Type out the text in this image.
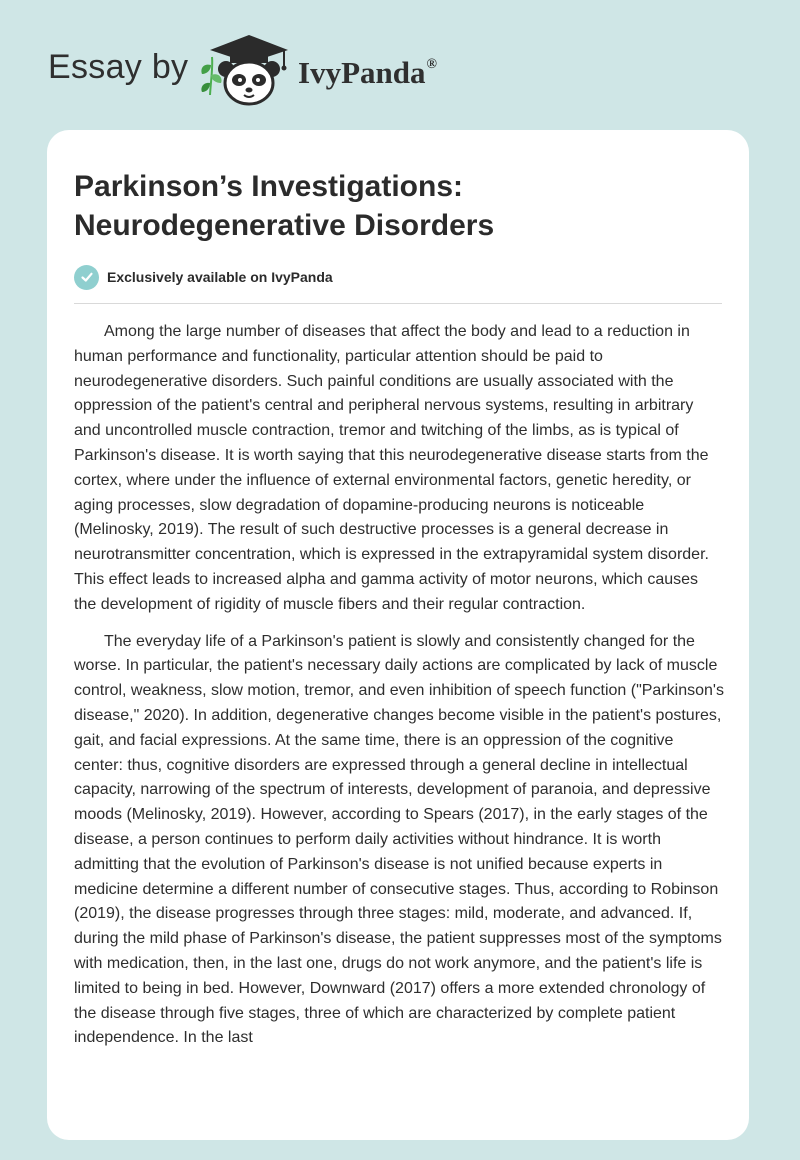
Essay by	IvyPanda®
Parkinson’s Investigations:
Neurodegenerative Disorders
Exclusively available on IvyPanda

Among the large number of diseases that affect the body and lead to a reduction in human performance and functionality, particular attention should be paid to neurodegenerative disorders. Such painful conditions are usually associated with the oppression of the patient's central and peripheral nervous systems, resulting in arbitrary and uncontrolled muscle contraction, tremor and twitching of the limbs, as is typical of Parkinson's disease. It is worth saying that this neurodegenerative disease starts from the cortex, where under the influence of external environmental factors, genetic heredity, or aging processes, slow degradation of dopamine-producing neurons is noticeable (Melinosky, 2019). The result of such destructive processes is a general decrease in neurotransmitter concentration, which is expressed in the extrapyramidal system disorder. This effect leads to increased alpha and gamma activity of motor neurons, which causes the development of rigidity of muscle fibers and their regular contraction.

The everyday life of a Parkinson's patient is slowly and consistently changed for the worse. In particular, the patient's necessary daily actions are complicated by lack of muscle control, weakness, slow motion, tremor, and even inhibition of speech function ("Parkinson's disease," 2020). In addition, degenerative changes become visible in the patient's postures, gait, and facial expressions. At the same time, there is an oppression of the cognitive center: thus, cognitive disorders are expressed through a general decline in intellectual capacity, narrowing of the spectrum of interests, development of paranoia, and depressive moods (Melinosky, 2019). However, according to Spears (2017), in the early stages of the disease, a person continues to perform daily activities without hindrance. It is worth admitting that the evolution of Parkinson's disease is not unified because experts in medicine determine a different number of consecutive stages. Thus, according to Robinson (2019), the disease progresses through three stages: mild, moderate, and advanced. If, during the mild phase of Parkinson's disease, the patient suppresses most of the symptoms with medication, then, in the last one, drugs do not work anymore, and the patient's life is limited to being in bed. However, Downward (2017) offers a more extended chronology of the disease through five stages, three of which are characterized by complete patient independence. In the last
